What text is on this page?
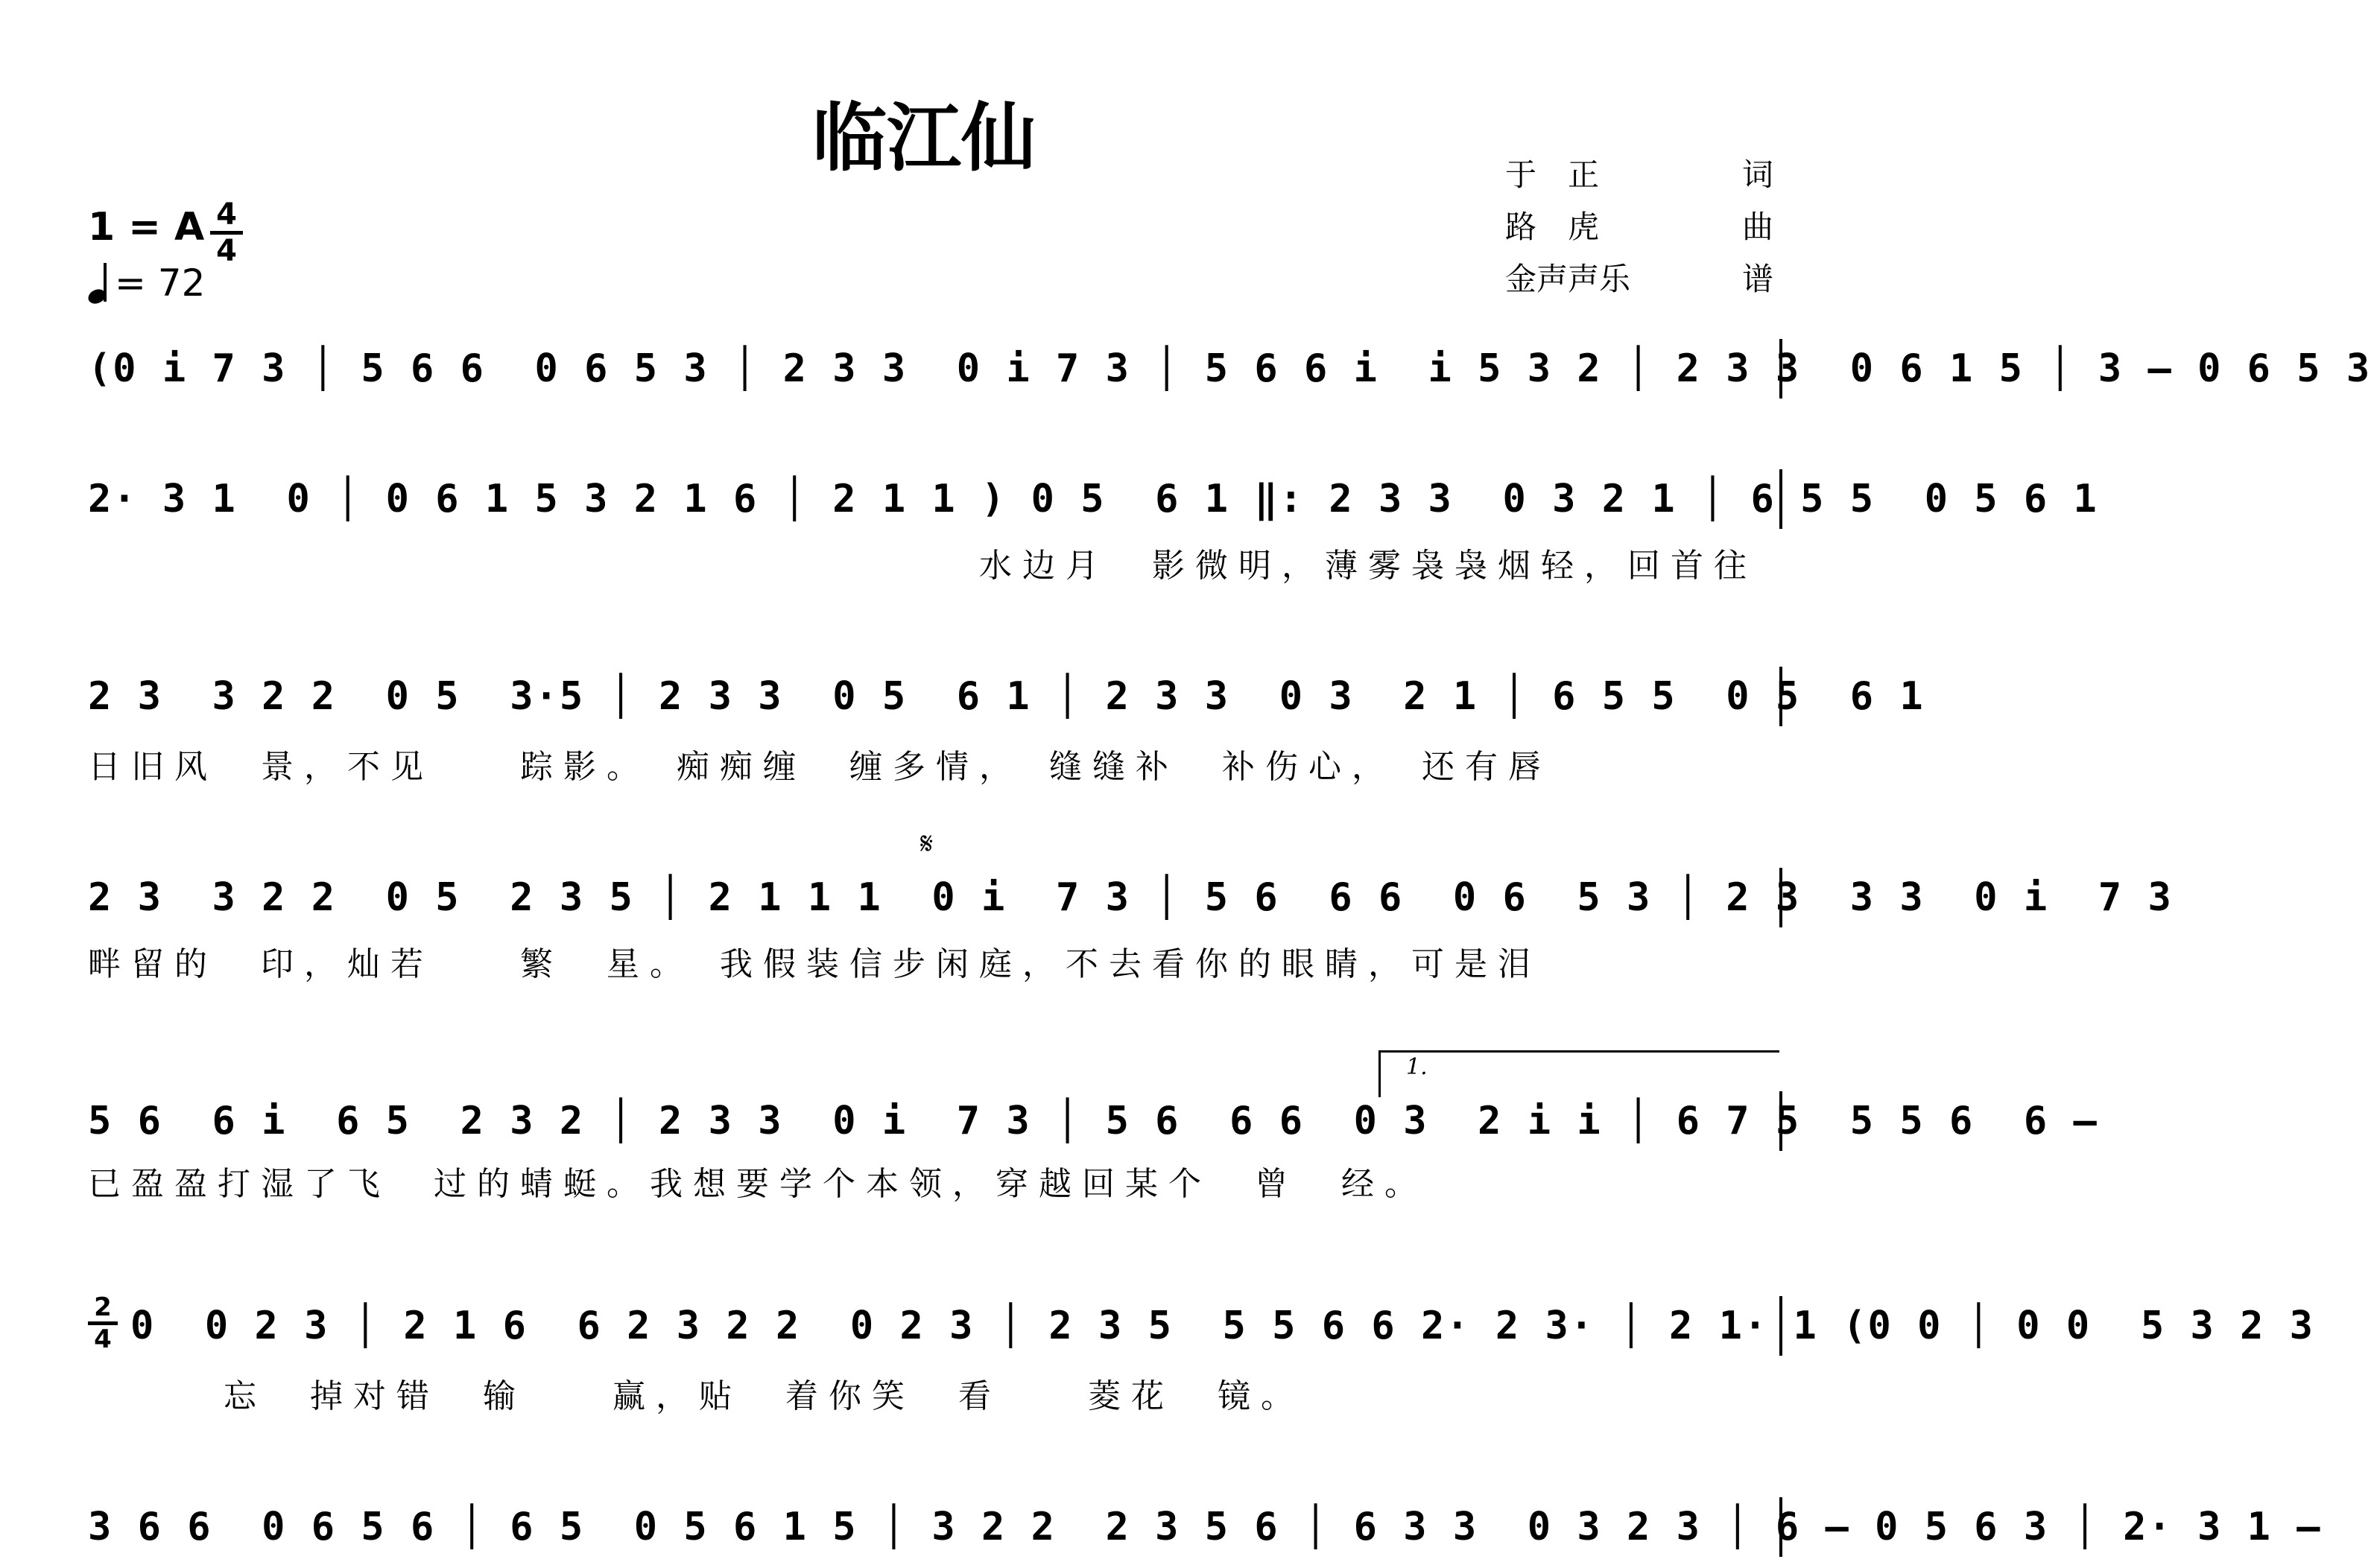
临江仙	于　正	词
路　虎	曲
金声声乐	谱
1 = A 4
4
= 72
(0 i 7 3 │ 5 6 6  0 6 5 3 │ 2 3 3  0 i 7 3 │ 5 6 6 i  i 5 3 2 │ 2 3 3  0 6 1 5 │ 3 – 0 6 5 3
2· 3 1  0 │ 0 6 1 5 3 2 1 6 │ 2 1 1 ) 0 5  6 1 ‖: 2 3 3  0 3 2 1 │ 6 5 5  0 5 6 1
水边月　影微明，薄雾袅袅烟轻，回首往
2 3  3 2 2  0 5  3·5 │ 2 3 3  0 5  6 1 │ 2 3 3  0 3  2 1 │ 6 5 5  0 5  6 1
日旧风　景，不见　　踪影。　痴痴缠　缠多情，　缝缝补　补伤心，　还有唇
𝄋
2 3  3 2 2  0 5  2 3 5 │ 2 1 1 1  0 i  7 3 │ 5 6  6 6  0 6  5 3 │ 2 3  3 3  0 i  7 3
畔留的　印，灿若　　繁　星。　我假装信步闲庭，不去看你的眼睛，可是泪
1.
5 6  6 i  6 5  2 3 2 │ 2 3 3  0 i  7 3 │ 5 6  6 6  0 3  2 i i │ 6 7 5  5 5 6  6 –
已盈盈打湿了飞　过的蜻蜓。我想要学个本领，穿越回某个　曾　经。
2
4 0  0 2 3 │ 2 1 6  6 2 3 2 2  0 2 3 │ 2 3 5  5 5 6 6 2· 2 3· │ 2 1· 1 (0 0 │ 0 0  5 3 2 3
忘　掉对错　输　　赢，贴　着你笑　看　　菱花　镜。
3 6 6  0 6 5 6 │ 6 5  0 5 6 1 5 │ 3 2 2  2 3 5 6 │ 6 3 3  0 3 2 3 │ 6 – 0 5 6 3 │ 2· 3 1 –
